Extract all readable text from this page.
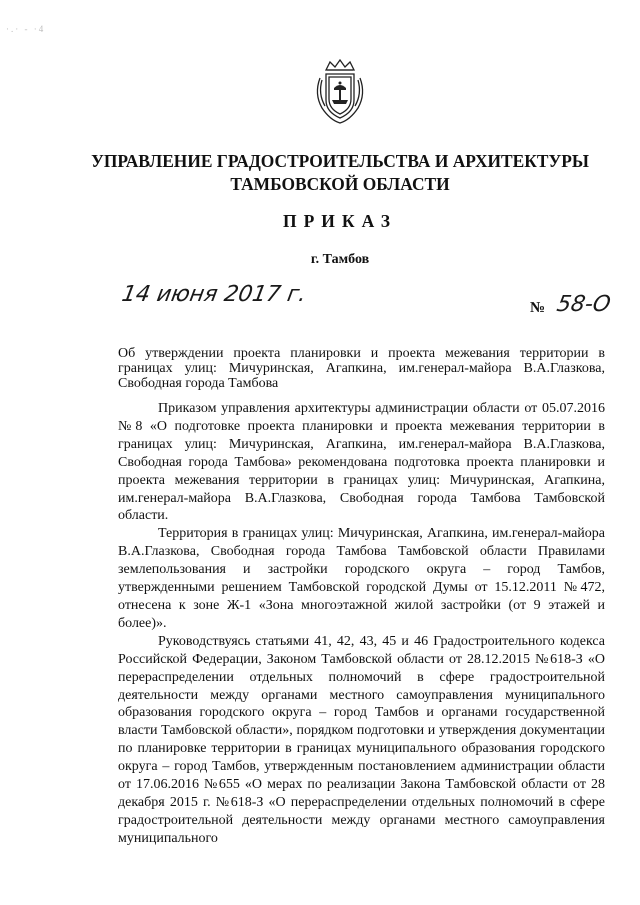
·.· - ·4
УПРАВЛЕНИЕ ГРАДОСТРОИТЕЛЬСТВА И АРХИТЕКТУРЫ
ТАМБОВСКОЙ ОБЛАСТИ
ПРИКАЗ
г. Тамбов
14 июня 2017 г.
№ 58-О
Об утверждении проекта планировки и проекта межевания территории в границах улиц: Мичуринская, Агапкина, им.генерал-майора В.А.Глазкова, Свободная города Тамбова

Приказом управления архитектуры администрации области от 05.07.2016 №8 «О подготовке проекта планировки и проекта межевания территории в границах улиц: Мичуринская, Агапкина, им.генерал-майора В.А.Глазкова, Свободная города Тамбова» рекомендована подготовка проекта планировки и проекта межевания территории в границах улиц: Мичуринская, Агапкина, им.генерал-майора В.А.Глазкова, Свободная города Тамбова Тамбовской области.

Территория в границах улиц: Мичуринская, Агапкина, им.генерал-майора В.А.Глазкова, Свободная города Тамбова Тамбовской области Правилами землепользования и застройки городского округа – город Тамбов, утвержденными решением Тамбовской городской Думы от 15.12.2011 №472, отнесена к зоне Ж-1 «Зона многоэтажной жилой застройки (от 9 этажей и более)».

Руководствуясь статьями 41, 42, 43, 45 и 46 Градостроительного кодекса Российской Федерации, Законом Тамбовской области от 28.12.2015 №618-З «О перераспределении отдельных полномочий в сфере градостроительной деятельности между органами местного самоуправления муниципального образования городского округа – город Тамбов и органами государственной власти Тамбовской области», порядком подготовки и утверждения документации по планировке территории в границах муниципального образования городского округа – город Тамбов, утвержденным постановлением администрации области от 17.06.2016 №655 «О мерах по реализации Закона Тамбовской области от 28 декабря 2015 г. №618-З «О перераспределении отдельных полномочий в сфере градостроительной деятельности между органами местного самоуправления муниципального
